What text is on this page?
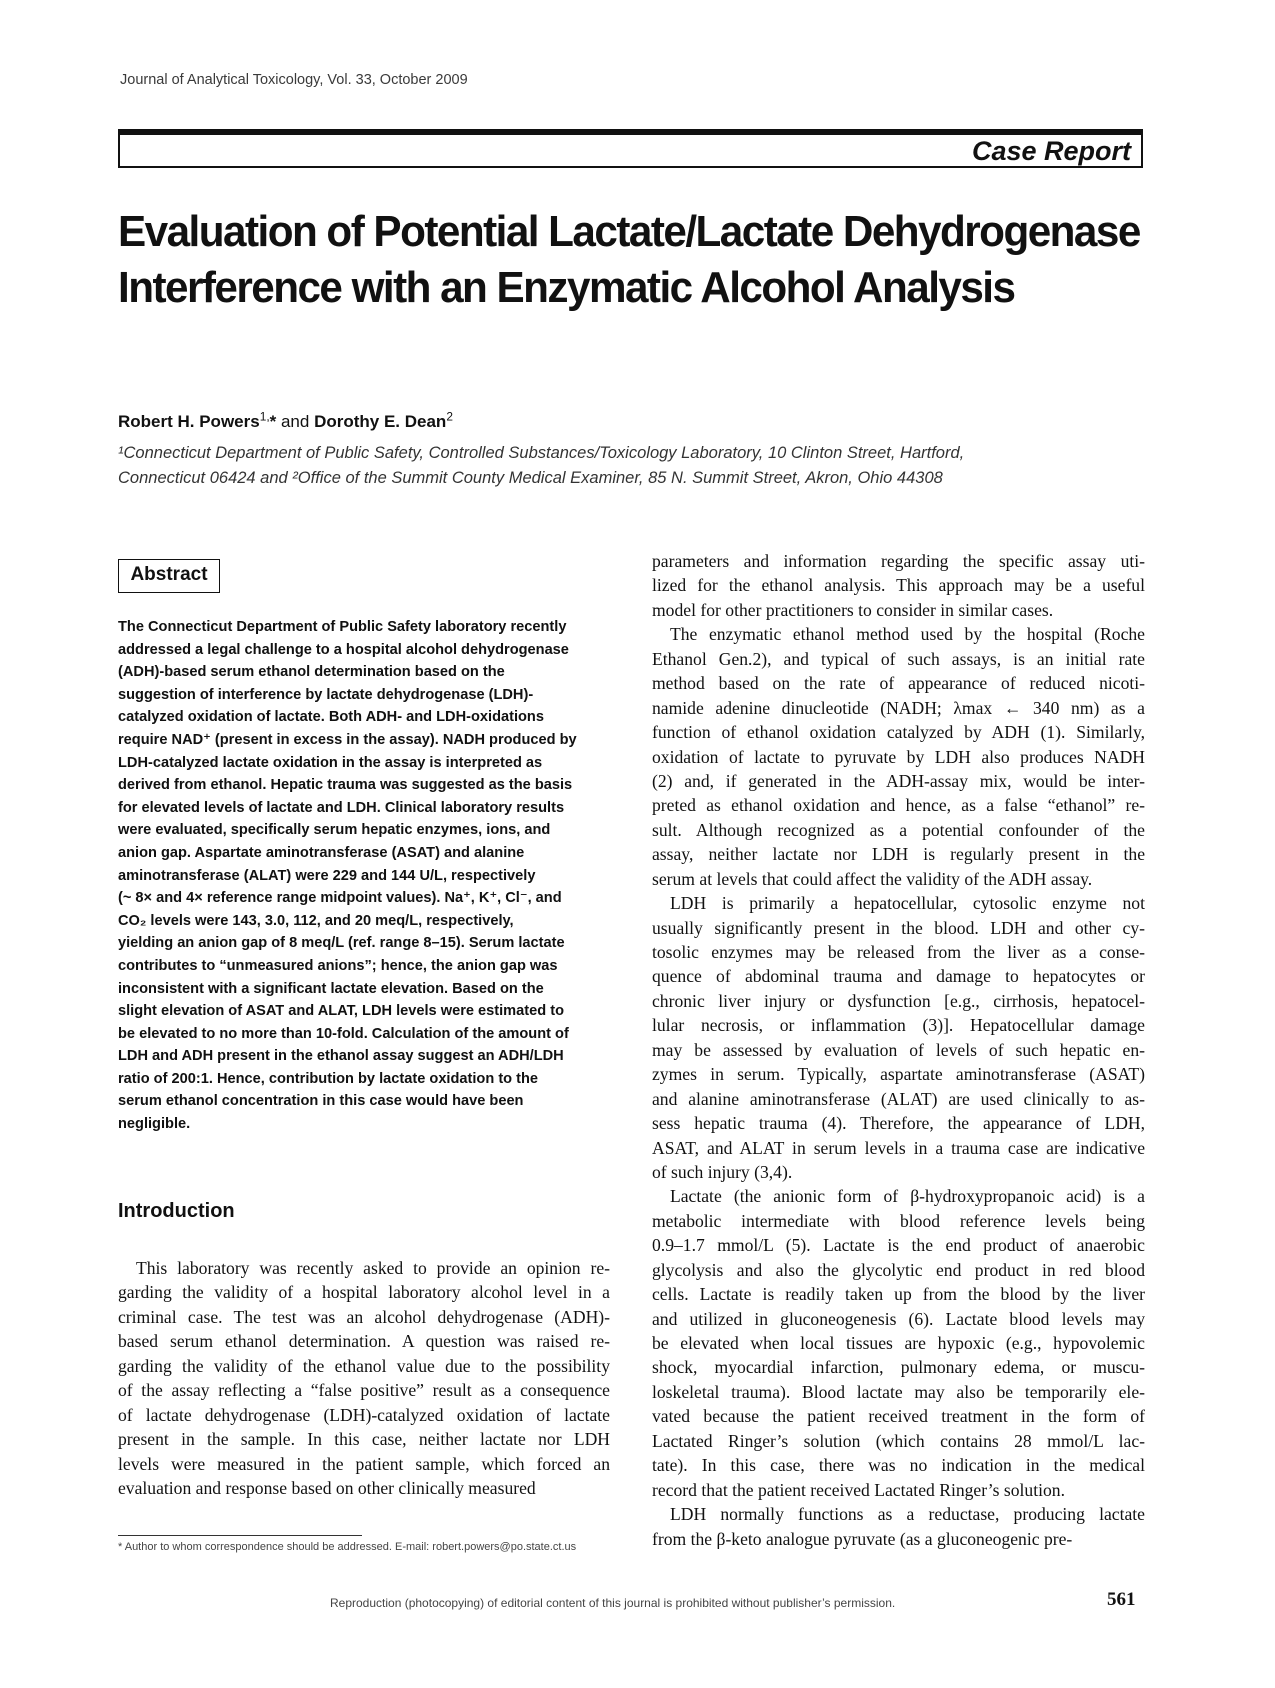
Journal of Analytical Toxicology, Vol. 33, October 2009
Case Report
Evaluation of Potential Lactate/Lactate Dehydrogenase
Interference with an Enzymatic Alcohol Analysis
Robert H. Powers$^{1,}$* and Dorothy E. Dean$^2$
¹Connecticut Department of Public Safety, Controlled Substances/Toxicology Laboratory, 10 Clinton Street, Hartford,
Connecticut 06424 and ²Office of the Summit County Medical Examiner, 85 N. Summit Street, Akron, Ohio 44308
Abstract
The Connecticut Department of Public Safety laboratory recently
addressed a legal challenge to a hospital alcohol dehydrogenase
(ADH)-based serum ethanol determination based on the
suggestion of interference by lactate dehydrogenase (LDH)-
catalyzed oxidation of lactate. Both ADH- and LDH-oxidations
require NAD⁺ (present in excess in the assay). NADH produced by
LDH-catalyzed lactate oxidation in the assay is interpreted as
derived from ethanol. Hepatic trauma was suggested as the basis
for elevated levels of lactate and LDH. Clinical laboratory results
were evaluated, specifically serum hepatic enzymes, ions, and
anion gap. Aspartate aminotransferase (ASAT) and alanine
aminotransferase (ALAT) were 229 and 144 U/L, respectively
(~ 8× and 4× reference range midpoint values). Na⁺, K⁺, Cl⁻, and
CO₂ levels were 143, 3.0, 112, and 20 meq/L, respectively,
yielding an anion gap of 8 meq/L (ref. range 8–15). Serum lactate
contributes to “unmeasured anions”; hence, the anion gap was
inconsistent with a significant lactate elevation. Based on the
slight elevation of ASAT and ALAT, LDH levels were estimated to
be elevated to no more than 10-fold. Calculation of the amount of
LDH and ADH present in the ethanol assay suggest an ADH/LDH
ratio of 200:1. Hence, contribution by lactate oxidation to the
serum ethanol concentration in this case would have been
negligible.
Introduction
This laboratory was recently asked to provide an opinion re-
garding the validity of a hospital laboratory alcohol level in a
criminal case. The test was an alcohol dehydrogenase (ADH)-
based serum ethanol determination. A question was raised re-
garding the validity of the ethanol value due to the possibility
of the assay reflecting a “false positive” result as a consequence
of lactate dehydrogenase (LDH)-catalyzed oxidation of lactate
present in the sample. In this case, neither lactate nor LDH
levels were measured in the patient sample, which forced an
evaluation and response based on other clinically measured
parameters and information regarding the specific assay uti-
lized for the ethanol analysis. This approach may be a useful
model for other practitioners to consider in similar cases.
The enzymatic ethanol method used by the hospital (Roche
Ethanol Gen.2), and typical of such assays, is an initial rate
method based on the rate of appearance of reduced nicoti-
namide adenine dinucleotide (NADH; λmax ← 340 nm) as a
function of ethanol oxidation catalyzed by ADH (1). Similarly,
oxidation of lactate to pyruvate by LDH also produces NADH
(2) and, if generated in the ADH-assay mix, would be inter-
preted as ethanol oxidation and hence, as a false “ethanol” re-
sult. Although recognized as a potential confounder of the
assay, neither lactate nor LDH is regularly present in the
serum at levels that could affect the validity of the ADH assay.
LDH is primarily a hepatocellular, cytosolic enzyme not
usually significantly present in the blood. LDH and other cy-
tosolic enzymes may be released from the liver as a conse-
quence of abdominal trauma and damage to hepatocytes or
chronic liver injury or dysfunction [e.g., cirrhosis, hepatocel-
lular necrosis, or inflammation (3)]. Hepatocellular damage
may be assessed by evaluation of levels of such hepatic en-
zymes in serum. Typically, aspartate aminotransferase (ASAT)
and alanine aminotransferase (ALAT) are used clinically to as-
sess hepatic trauma (4). Therefore, the appearance of LDH,
ASAT, and ALAT in serum levels in a trauma case are indicative
of such injury (3,4).
Lactate (the anionic form of β-hydroxypropanoic acid) is a
metabolic intermediate with blood reference levels being
0.9–1.7 mmol/L (5). Lactate is the end product of anaerobic
glycolysis and also the glycolytic end product in red blood
cells. Lactate is readily taken up from the blood by the liver
and utilized in gluconeogenesis (6). Lactate blood levels may
be elevated when local tissues are hypoxic (e.g., hypovolemic
shock, myocardial infarction, pulmonary edema, or muscu-
loskeletal trauma). Blood lactate may also be temporarily ele-
vated because the patient received treatment in the form of
Lactated Ringer’s solution (which contains 28 mmol/L lac-
tate). In this case, there was no indication in the medical
record that the patient received Lactated Ringer’s solution.
LDH normally functions as a reductase, producing lactate
from the β-keto analogue pyruvate (as a gluconeogenic pre-
* Author to whom correspondence should be addressed. E-mail: robert.powers@po.state.ct.us
Reproduction (photocopying) of editorial content of this journal is prohibited without publisher’s permission.	561
